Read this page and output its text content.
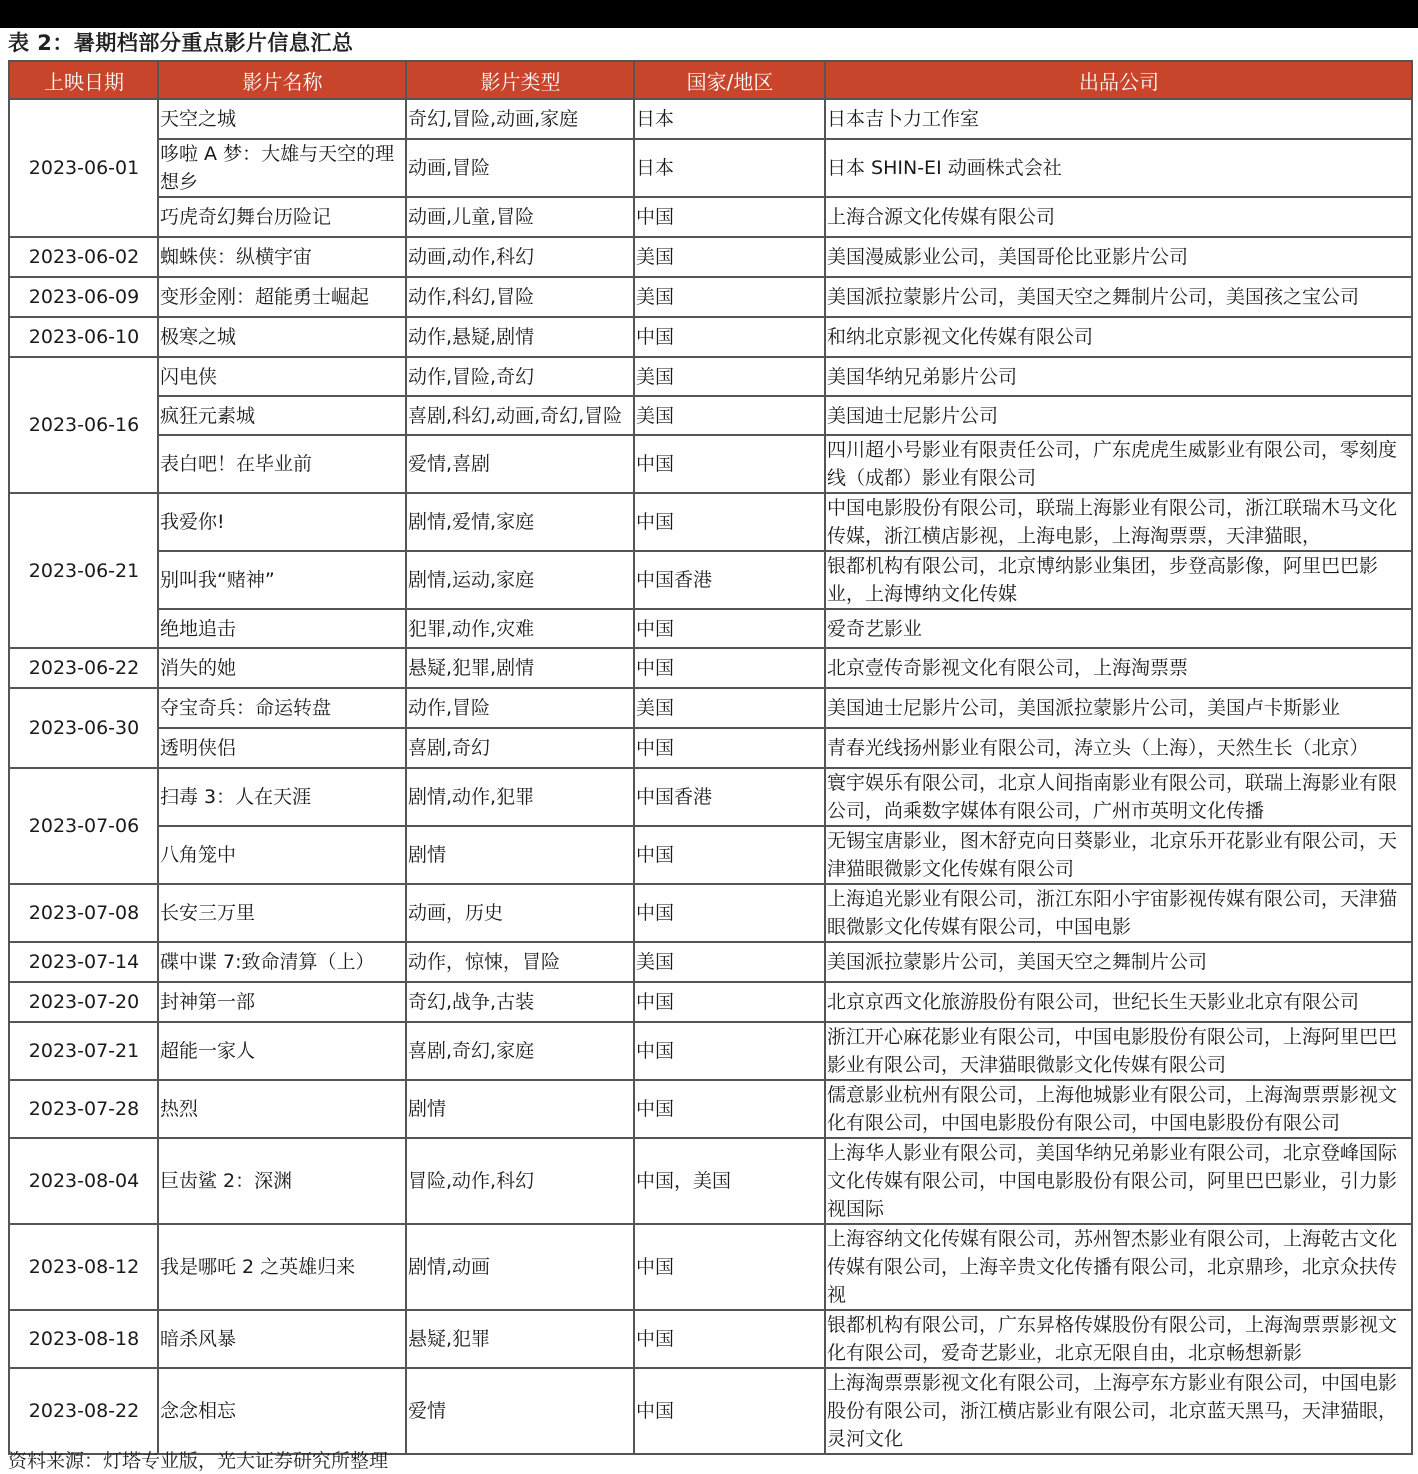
表 2：暑期档部分重点影片信息汇总
上映日期	影片名称	影片类型	国家/地区	出品公司
2023-06-01	天空之城	奇幻,冒险,动画,家庭	日本	日本吉卜力工作室
	哆啦 A 梦：大雄与天空的理想乡	动画,冒险	日本	日本 SHIN-EI 动画株式会社
	巧虎奇幻舞台历险记	动画,儿童,冒险	中国	上海合源文化传媒有限公司
2023-06-02	蜘蛛侠：纵横宇宙	动画,动作,科幻	美国	美国漫威影业公司，美国哥伦比亚影片公司
2023-06-09	变形金刚：超能勇士崛起	动作,科幻,冒险	美国	美国派拉蒙影片公司，美国天空之舞制片公司，美国孩之宝公司
2023-06-10	极寒之城	动作,悬疑,剧情	中国	和纳北京影视文化传媒有限公司
2023-06-16	闪电侠	动作,冒险,奇幻	美国	美国华纳兄弟影片公司
	疯狂元素城	喜剧,科幻,动画,奇幻,冒险	美国	美国迪士尼影片公司
	表白吧！在毕业前	爱情,喜剧	中国	四川超小号影业有限责任公司，广东虎虎生威影业有限公司，零刻度线（成都）影业有限公司
2023-06-21	我爱你!	剧情,爱情,家庭	中国	中国电影股份有限公司，联瑞上海影业有限公司，浙江联瑞木马文化传媒，浙江横店影视，上海电影，上海淘票票，天津猫眼，
	别叫我“赌神”	剧情,运动,家庭	中国香港	银都机构有限公司，北京博纳影业集团，步登高影像，阿里巴巴影业，上海博纳文化传媒
	绝地追击	犯罪,动作,灾难	中国	爱奇艺影业
2023-06-22	消失的她	悬疑,犯罪,剧情	中国	北京壹传奇影视文化有限公司，上海淘票票
2023-06-30	夺宝奇兵：命运转盘	动作,冒险	美国	美国迪士尼影片公司，美国派拉蒙影片公司，美国卢卡斯影业
	透明侠侣	喜剧,奇幻	中国	青春光线扬州影业有限公司，涛立头（上海），天然生长（北京）
2023-07-06	扫毒 3：人在天涯	剧情,动作,犯罪	中国香港	寰宇娱乐有限公司，北京人间指南影业有限公司，联瑞上海影业有限公司，尚乘数字媒体有限公司，广州市英明文化传播
	八角笼中	剧情	中国	无锡宝唐影业，图木舒克向日葵影业，北京乐开花影业有限公司，天津猫眼微影文化传媒有限公司
2023-07-08	长安三万里	动画，历史	中国	上海追光影业有限公司，浙江东阳小宇宙影视传媒有限公司，天津猫眼微影文化传媒有限公司，中国电影
2023-07-14	碟中谍 7:致命清算（上）	动作，惊悚，冒险	美国	美国派拉蒙影片公司，美国天空之舞制片公司
2023-07-20	封神第一部	奇幻,战争,古装	中国	北京京西文化旅游股份有限公司，世纪长生天影业北京有限公司
2023-07-21	超能一家人	喜剧,奇幻,家庭	中国	浙江开心麻花影业有限公司，中国电影股份有限公司，上海阿里巴巴影业有限公司，天津猫眼微影文化传媒有限公司
2023-07-28	热烈	剧情	中国	儒意影业杭州有限公司，上海他城影业有限公司，上海淘票票影视文化有限公司，中国电影股份有限公司，中国电影股份有限公司
2023-08-04	巨齿鲨 2：深渊	冒险,动作,科幻	中国，美国	上海华人影业有限公司，美国华纳兄弟影业有限公司，北京登峰国际文化传媒有限公司，中国电影股份有限公司，阿里巴巴影业，引力影视国际
2023-08-12	我是哪吒 2 之英雄归来	剧情,动画	中国	上海容纳文化传媒有限公司，苏州智杰影业有限公司，上海乾古文化传媒有限公司，上海辛贵文化传播有限公司，北京鼎珍，北京众扶传视
2023-08-18	暗杀风暴	悬疑,犯罪	中国	银都机构有限公司，广东昇格传媒股份有限公司，上海淘票票影视文化有限公司，爱奇艺影业，北京无限自由，北京畅想新影
2023-08-22	念念相忘	爱情	中国	上海淘票票影视文化有限公司，上海亭东方影业有限公司，中国电影股份有限公司，浙江横店影业有限公司，北京蓝天黑马，天津猫眼，灵河文化
资料来源：灯塔专业版，光大证券研究所整理
